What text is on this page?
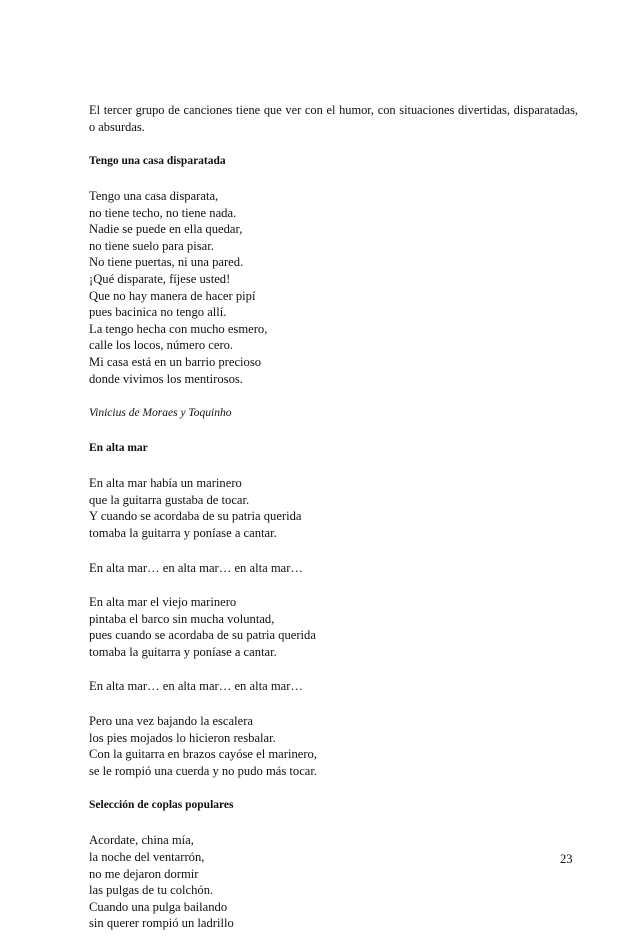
El tercer grupo de canciones tiene que ver con el humor, con situaciones divertidas, disparatadas, o absurdas.

Tengo una casa disparatada
Tengo una casa disparata,
no tiene techo, no tiene nada.
Nadie se puede en ella quedar,
no tiene suelo para pisar.
No tiene puertas, ni una pared.
¡Qué disparate, fíjese usted!
Que no hay manera de hacer pipí
pues bacinica no tengo allí.
La tengo hecha con mucho esmero,
calle los locos, número cero.
Mi casa está en un barrio precioso
donde vivimos los mentirosos.
Vinicius de Moraes y Toquinho
En alta mar
En alta mar había un marinero
que la guitarra gustaba de tocar.
Y cuando se acordaba de su patria querida
tomaba la guitarra y poníase a cantar.
En alta mar… en alta mar… en alta mar…
En alta mar el viejo marinero
pintaba el barco sin mucha voluntad,
pues cuando se acordaba de su patria querida
tomaba la guitarra y poníase a cantar.
En alta mar… en alta mar… en alta mar…
Pero una vez bajando la escalera
los pies mojados lo hicieron resbalar.
Con la guitarra en brazos cayóse el marinero,
se le rompió una cuerda y no pudo más tocar.
Selección de coplas populares
Acordate, china mía,
la noche del ventarrón,
no me dejaron dormir
las pulgas de tu colchón.
Cuando una pulga bailando
sin querer rompió un ladrillo
23
